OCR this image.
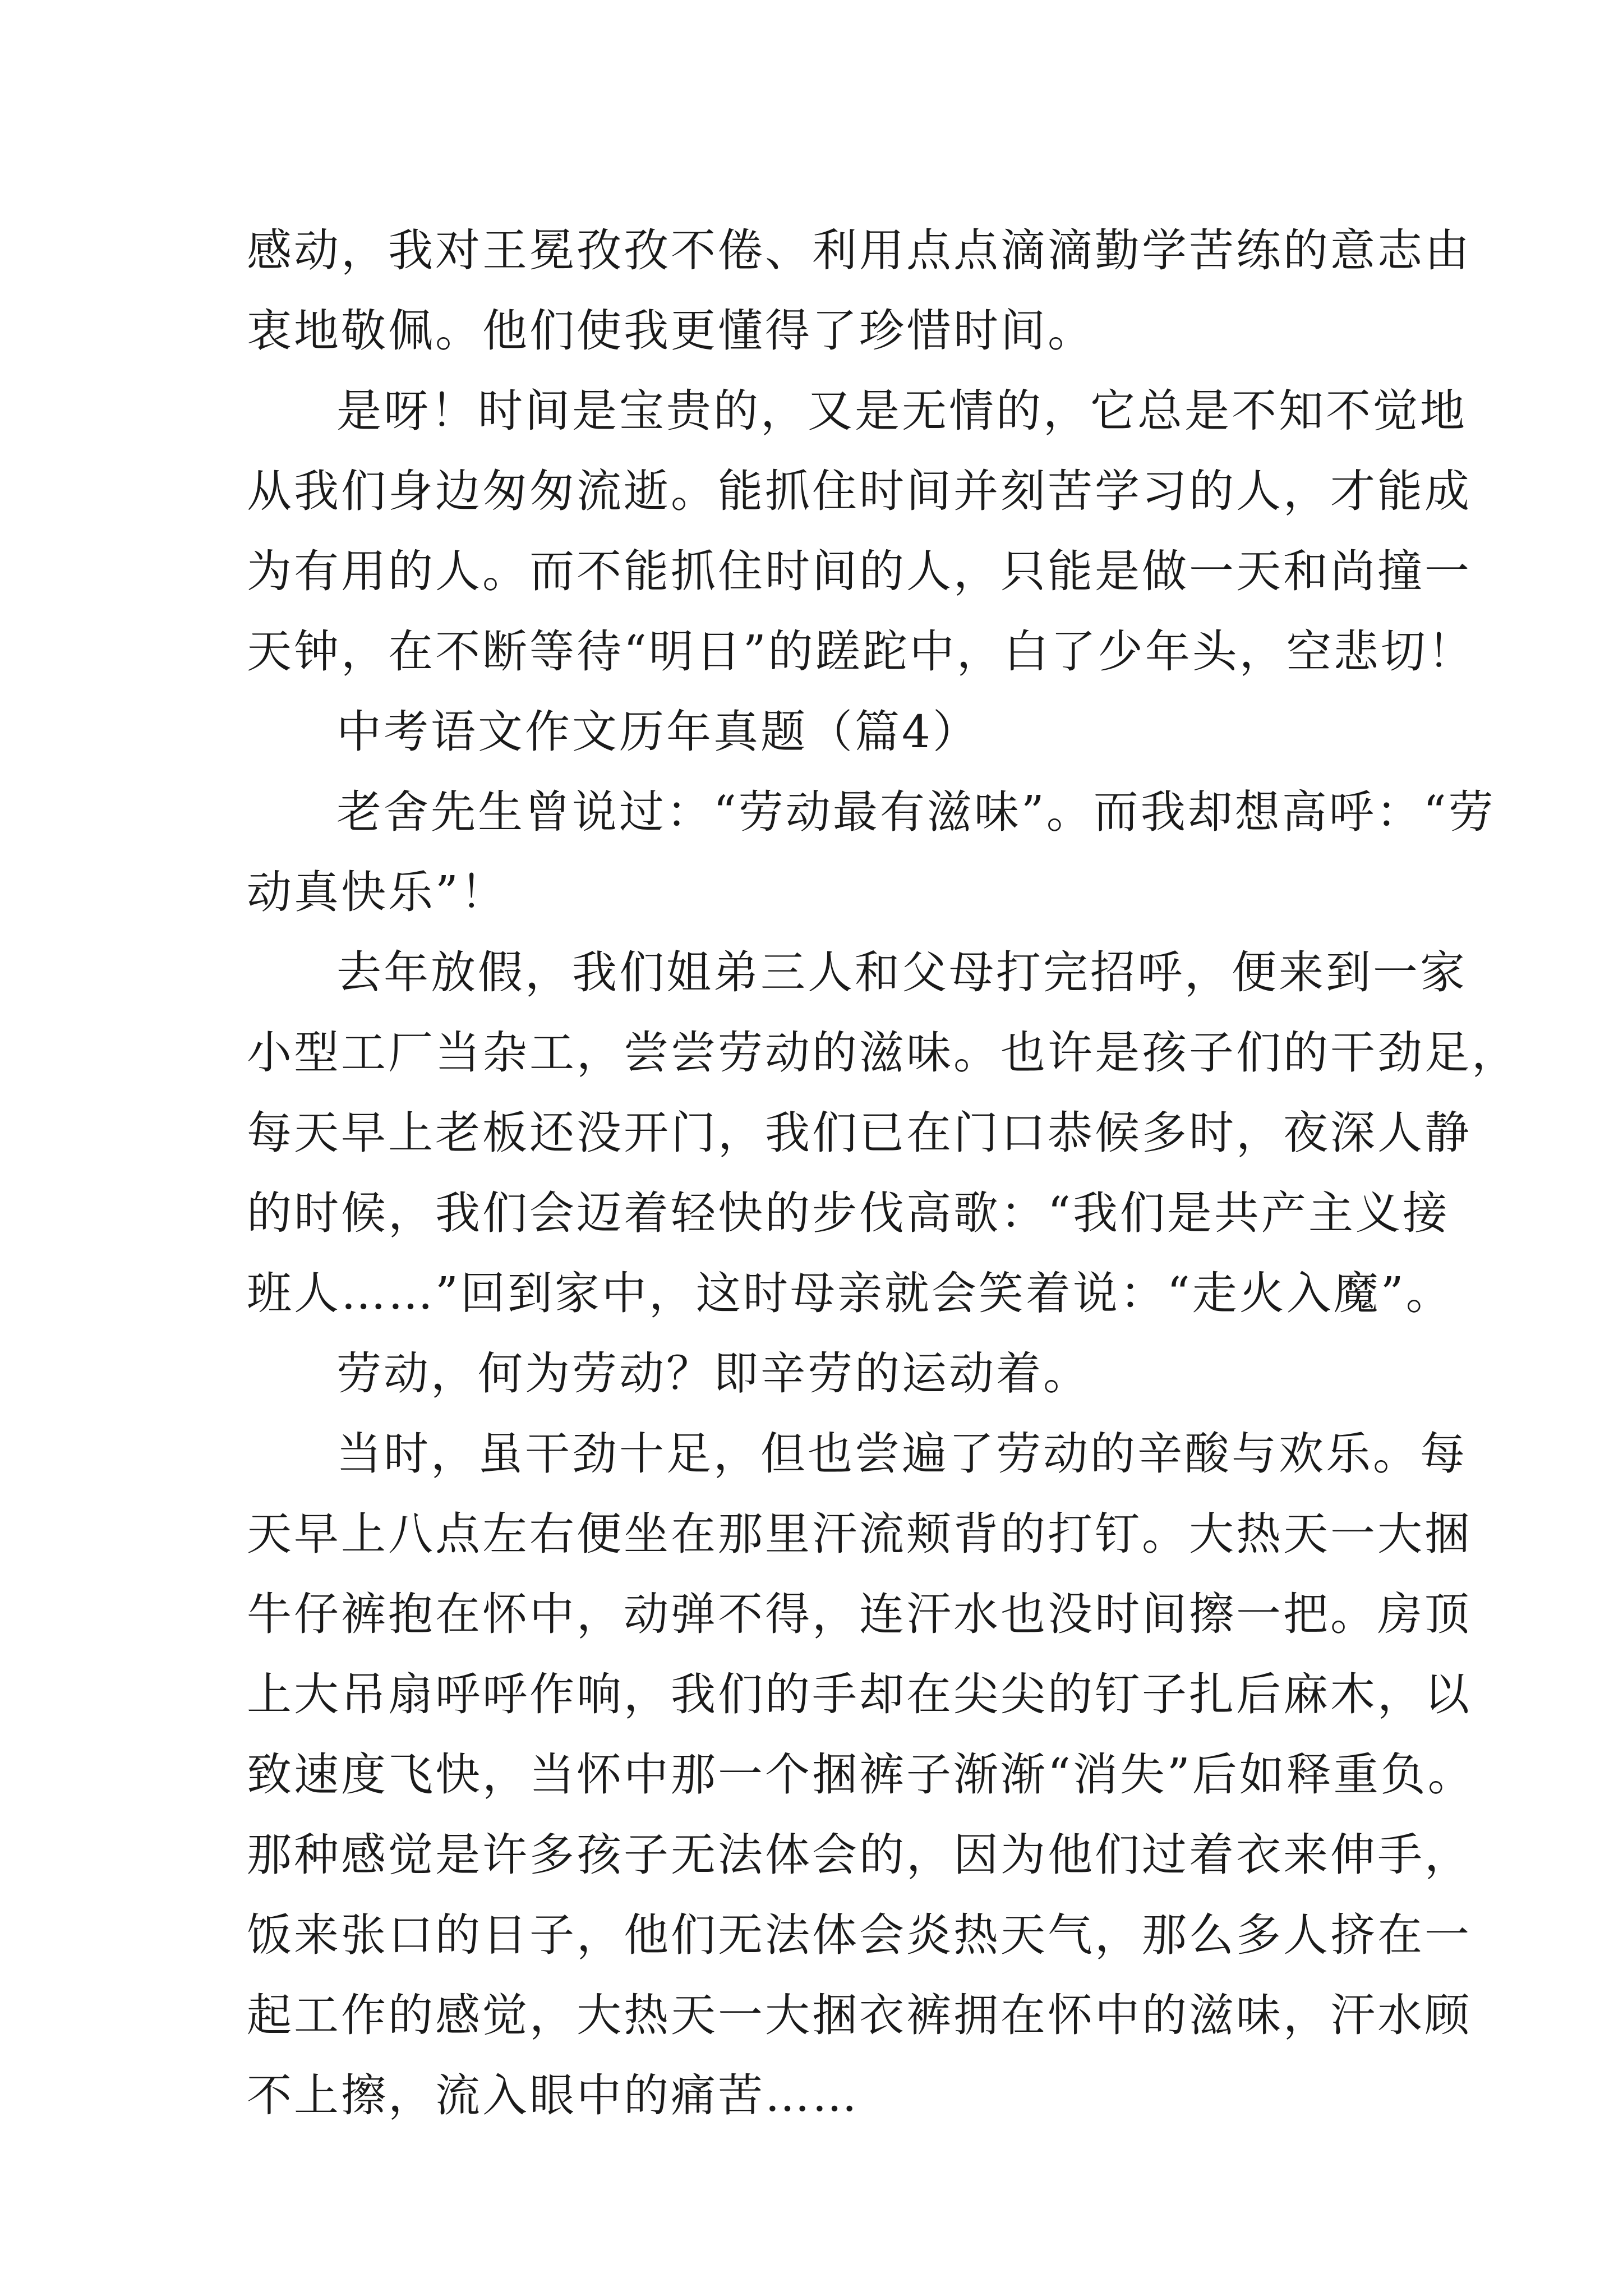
感动，我对王冕孜孜不倦、利用点点滴滴勤学苦练的意志由
衷地敬佩。他们使我更懂得了珍惜时间。
是呀！时间是宝贵的，又是无情的，它总是不知不觉地
从我们身边匆匆流逝。能抓住时间并刻苦学习的人，才能成
为有用的人。而不能抓住时间的人，只能是做一天和尚撞一
天钟，在不断等待“明日”的蹉跎中，白了少年头，空悲切！
中考语文作文历年真题（篇4）
老舍先生曾说过：“劳动最有滋味”。而我却想高呼：“劳
动真快乐”！
去年放假，我们姐弟三人和父母打完招呼，便来到一家
小型工厂当杂工，尝尝劳动的滋味。也许是孩子们的干劲足，
每天早上老板还没开门，我们已在门口恭候多时，夜深人静
的时候，我们会迈着轻快的步伐高歌：“我们是共产主义接
班人……”回到家中，这时母亲就会笑着说：“走火入魔”。
劳动，何为劳动？即辛劳的运动着。
当时，虽干劲十足，但也尝遍了劳动的辛酸与欢乐。每
天早上八点左右便坐在那里汗流颊背的打钉。大热天一大捆
牛仔裤抱在怀中，动弹不得，连汗水也没时间擦一把。房顶
上大吊扇呼呼作响，我们的手却在尖尖的钉子扎后麻木，以
致速度飞快，当怀中那一个捆裤子渐渐“消失”后如释重负。
那种感觉是许多孩子无法体会的，因为他们过着衣来伸手，
饭来张口的日子，他们无法体会炎热天气，那么多人挤在一
起工作的感觉，大热天一大捆衣裤拥在怀中的滋味，汗水顾
不上擦，流入眼中的痛苦……
